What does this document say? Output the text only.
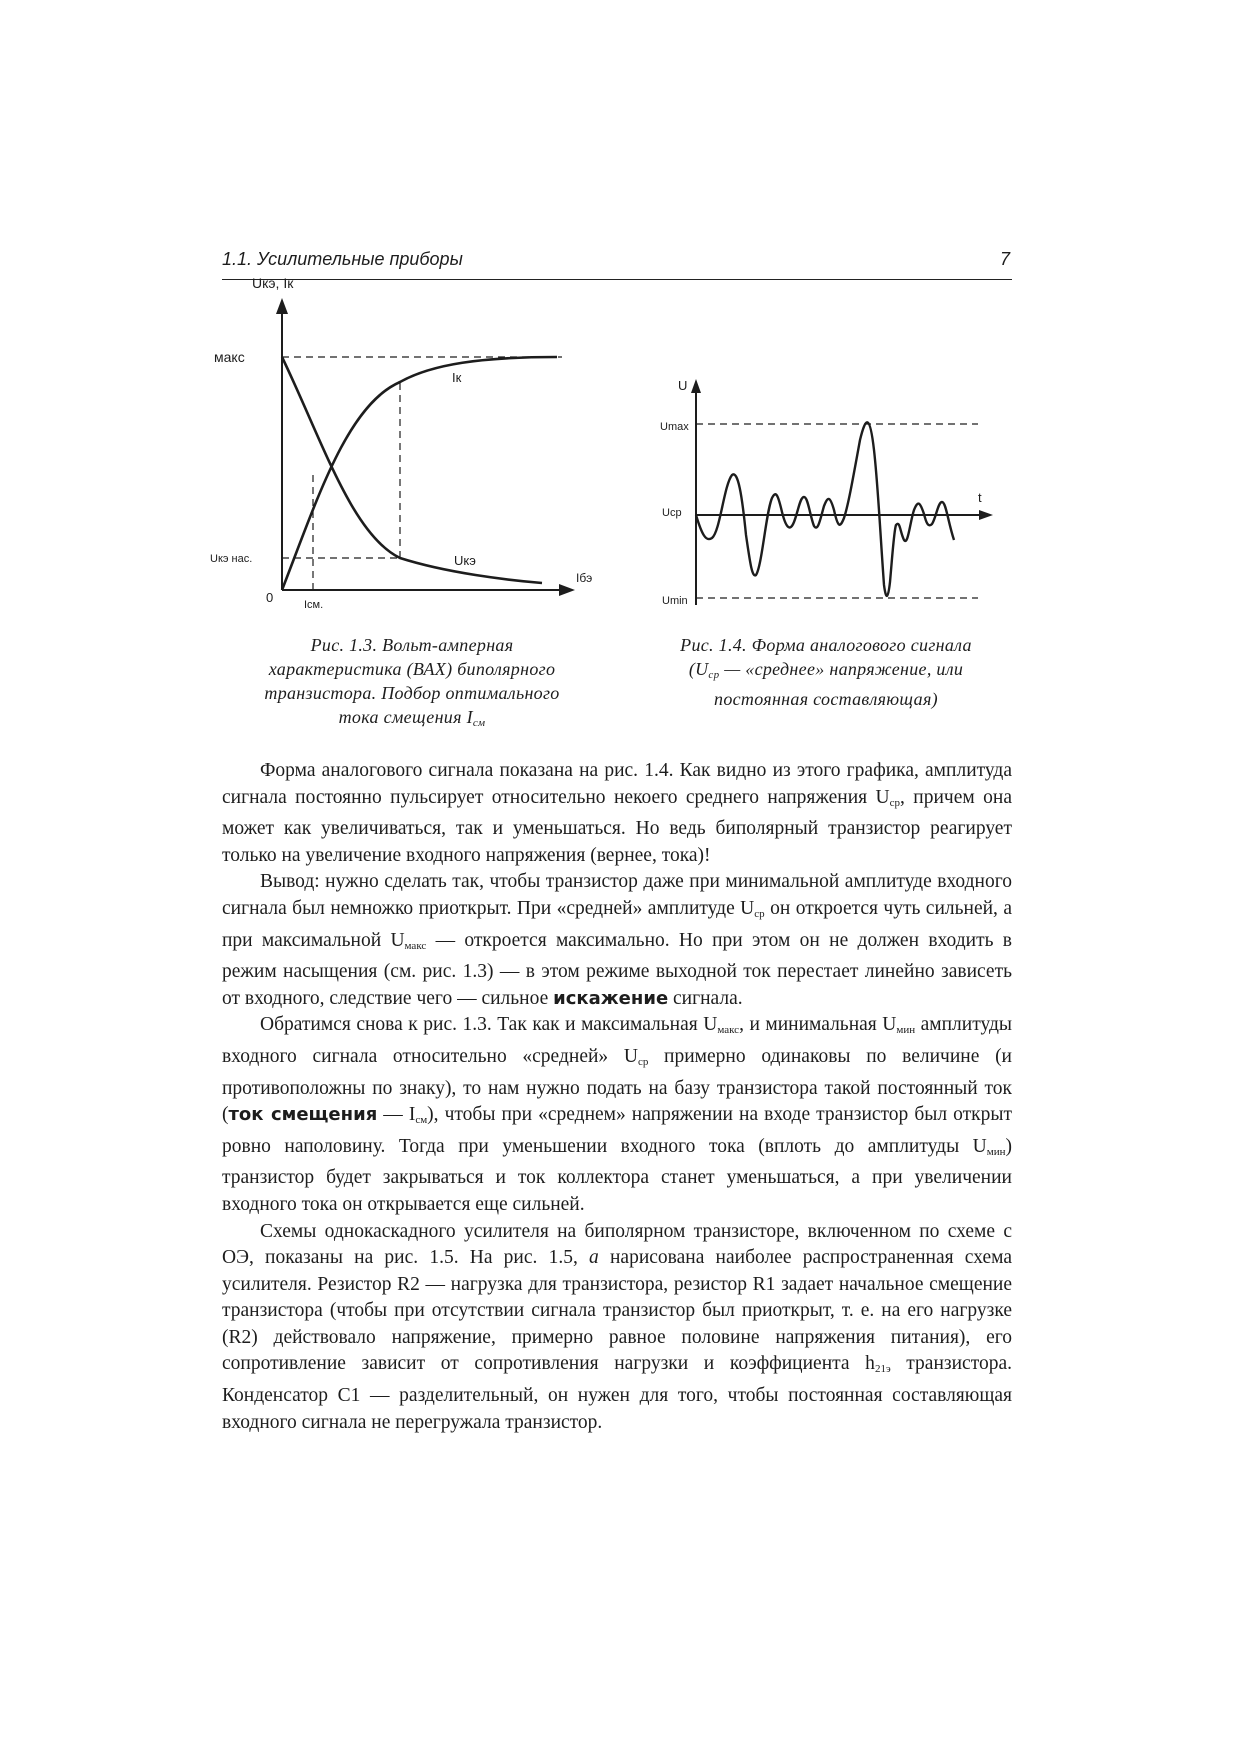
1.1. Усилительные приборы	7
Uкэ, Iк
макс
Uкэ нас.
0
Iбэ
Iсм.
Iк
Uкэ
U
Umax
Uср
Umin
t
Рис. 1.3. Вольт-амперная
характеристика (ВАХ) биполярного
транзистора. Подбор оптимального
тока смещения $I_{см}$
Рис. 1.4. Форма аналогового сигнала
($U_{ср}$ — «среднее» напряжение, или
постоянная составляющая)

Форма аналогового сигнала показана на рис. 1.4. Как видно из этого графика, амплитуда сигнала постоянно пульсирует относительно некоего среднего напряжения $U_{ср}$, причем она может как увеличиваться, так и уменьшаться. Но ведь биполярный транзистор реагирует только на увеличение входного напряжения (вернее, тока)!

Вывод: нужно сделать так, чтобы транзистор даже при минимальной амплитуде входного сигнала был немножко приоткрыт. При «средней» амплитуде $U_{ср}$ он откроется чуть сильней, а при максимальной $U_{макс}$ — откроется максимально. Но при этом он не должен входить в режим насыщения (см. рис. 1.3) — в этом режиме выходной ток перестает линейно зависеть от входного, следствие чего — сильное искажение сигнала.

Обратимся снова к рис. 1.3. Так как и максимальная $U_{макс}$, и минимальная $U_{мин}$ амплитуды входного сигнала относительно «средней» $U_{ср}$ примерно одинаковы по величине (и противоположны по знаку), то нам нужно подать на базу транзистора такой постоянный ток (ток смещения — $I_{см}$), чтобы при «среднем» напряжении на входе транзистор был открыт ровно наполовину. Тогда при уменьшении входного тока (вплоть до амплитуды $U_{мин}$) транзистор будет закрываться и ток коллектора станет уменьшаться, а при увеличении входного тока он открывается еще сильней.

Схемы однокаскадного усилителя на биполярном транзисторе, включенном по схеме с ОЭ, показаны на рис. 1.5. На рис. 1.5, а нарисована наиболее распространенная схема усилителя. Резистор R2 — нагрузка для транзистора, резистор R1 задает начальное смещение транзистора (чтобы при отсутствии сигнала транзистор был приоткрыт, т. е. на его нагрузке (R2) действовало напряжение, примерно равное половине напряжения питания), его сопротивление зависит от сопротивления нагрузки и коэффициента $h_{21э}$ транзистора. Конденсатор С1 — разделительный, он нужен для того, чтобы постоянная составляющая входного сигнала не перегружала транзистор.
